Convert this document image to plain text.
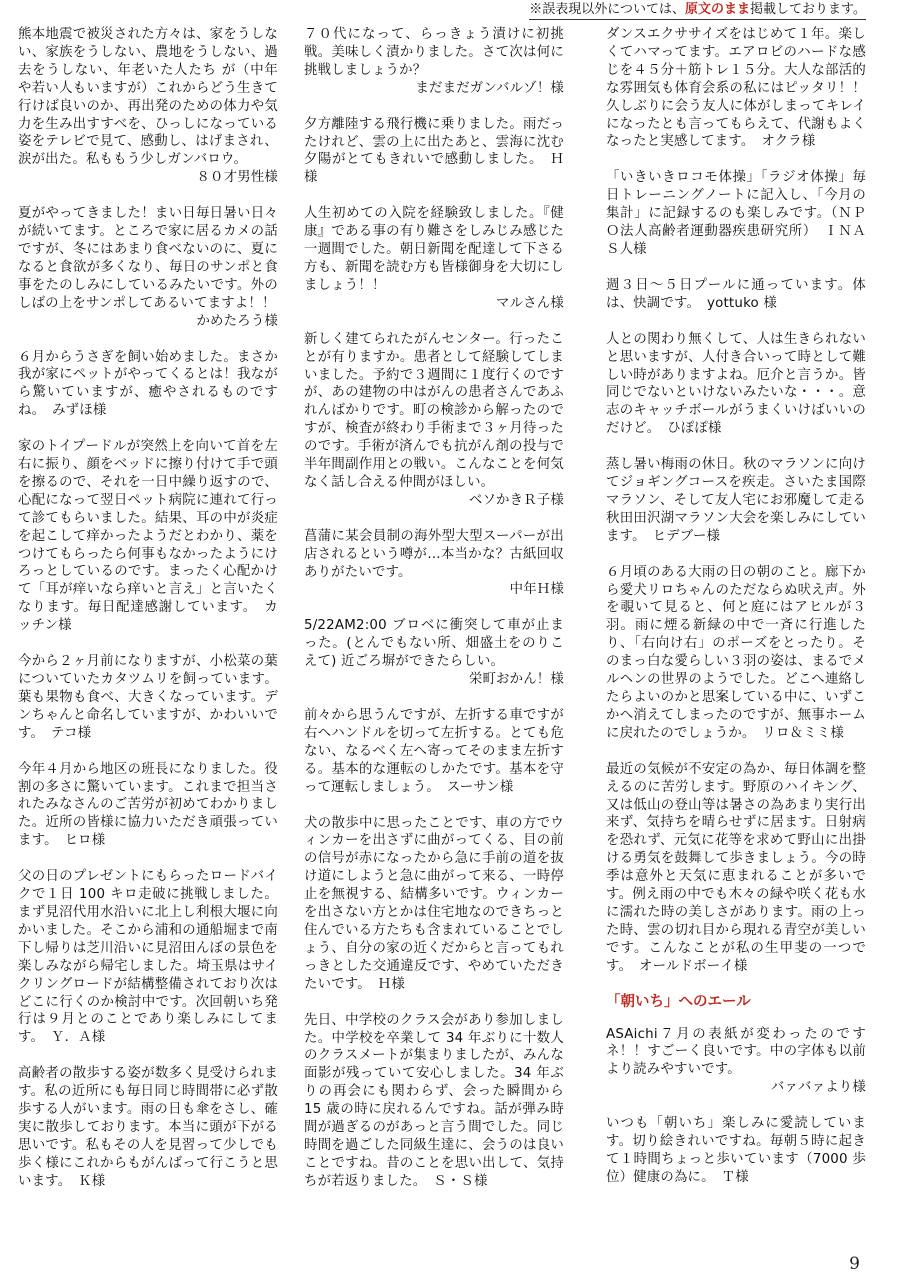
※誤表現以外については、原文のまま掲載しております。
熊本地震で被災された方々は、家をうしない、家族をうしない、農地をうしない、過去をうしない、年老いた人たち が（中年や若い人もいますが）これからどう生きて行けば良いのか、再出発のための体力や気力を生み出すすべを、ひっしになっている姿をテレビで見て、感動し、はげまされ、涙が出た。私ももう少しガンバロウ。
８０才男性様
夏がやってきました！まい日毎日暑い日々が続いてます。ところで家に居るカメの話ですが、冬にはあまり食べないのに、夏になると食欲が多くなり、毎日のサンポと食事をたのしみにしているみたいです。外のしばの上をサンポしてあるいてますよ！！
かめたろう様
６月からうさぎを飼い始めました。まさか我が家にペットがやってくるとは！我ながら驚いていますが、癒やされるものですね。　 みずほ様
家のトイプードルが突然上を向いて首を左右に振り、顔をベッドに擦り付けて手で頭を擦るので、それを一日中繰り返すので、心配になって翌日ペット病院に連れて行って診てもらいました。結果、耳の中が炎症を起こして痒かったようだとわかり、薬をつけてもらったら何事もなかったようにけろっとしているのです。まったく心配かけて「耳が痒いなら痒いと言え」と言いたくなります。毎日配達感謝しています。　 カッチン様
今から２ヶ月前になりますが、小松菜の葉についていたカタツムリを飼っています。葉も果物も食べ、大きくなっています。デンちゃんと命名していますが、かわいいです。　 テコ様
今年４月から地区の班長になりました。役割の多さに驚いています。これまで担当されたみなさんのご苦労が初めてわかりました。近所の皆様に協力いただき頑張っています。　 ヒロ様
父の日のプレゼントにもらったロードバイクで１日 100 キロ走破に挑戦しました。まず見沼代用水沿いに北上し利根大堰に向かいました。そこから浦和の通船堀まで南下し帰りは芝川沿いに見沼田んぼの景色を楽しみながら帰宅しました。埼玉県はサイクリングロードが結構整備されており次はどこに行くのか検討中です。次回朝いち発行は９月とのことであり楽しみにしてます。　 Ｙ．Ａ様
高齢者の散歩する姿が数多く見受けられます。私の近所にも毎日同じ時間帯に必ず散歩する人がいます。雨の日も傘をさし、確実に散歩しております。本当に頭が下がる思いです。私もその人を見習って少しでも歩く様にこれからもがんばって行こうと思います。　 Ｋ様
７０代になって、らっきょう漬けに初挑戦。美味しく漬かりました。さて次は何に挑戦しましょうか？
まだまだガンバルゾ！様
夕方離陸する飛行機に乗りました。雨だったけれど、雲の上に出たあと、雲海に沈む夕陽がとてもきれいで感動しました。　 Ｈ様
人生初めての入院を経験致しました。『健康』である事の有り難さをしみじみ感じた一週間でした。朝日新聞を配達して下さる方も、新聞を読む方も皆様御身を大切にしましょう！！
マルさん様
新しく建てられたがんセンター。行ったことが有りますか。患者として経験してしまいました。予約で３週間に１度行くのですが、あの建物の中はがんの患者さんであふれんばかりです。町の検診から解ったのですが、検査が終わり手術まで３ヶ月待ったのです。手術が済んでも抗がん剤の投与で半年間副作用との戦い。こんなことを何気なく話し合える仲間がほしい。
ベソかきＲ子様
菖蒲に某会員制の海外型大型スーパーが出店されるという噂が…本当かな？古紙回収ありがたいです。
中年Ｈ様
5/22AM2:00 ブロベに衝突して車が止まった。(とんでもない所、畑盛土をのりこえて) 近ごろ塀ができたらしい。
栄町おかん！様
前々から思うんですが、左折する車ですが右へハンドルを切って左折する。とても危ない、なるべく左へ寄ってそのまま左折する。基本的な運転のしかたです。基本を守って運転しましょう。　 スーサン様
犬の散歩中に思ったことです、車の方でウィンカーを出さずに曲がってくる、目の前の信号が赤になったから急に手前の道を抜け道にしようと急に曲がって来る、一時停止を無視する、結構多いです。ウィンカーを出さない方とかは住宅地なのできちっと住んでいる方たちも含まれていることでしょう、自分の家の近くだからと言ってもれっきとした交通違反です、やめていただきたいです。　 Ｈ様
先日、中学校のクラス会があり参加しました。中学校を卒業して 34 年ぶりに十数人のクラスメートが集まりましたが、みんな面影が残っていて安心しました。34 年ぶりの再会にも関わらず、会った瞬間から 15 歳の時に戻れるんですね。話が弾み時間が過ぎるのがあっと言う間でした。同じ時間を過ごした同級生達に、会うのは良いことですね。昔のことを思い出して、気持ちが若返りました。　 Ｓ・Ｓ様
ダンスエクササイズをはじめて１年。楽しくてハマってます。エアロビのハードな感じを４５分＋筋トレ１５分。大人な部活的な雰囲気も体育会系の私にはピッタリ！！久しぶりに会う友人に体がしまってキレイになったとも言ってもらえて、代謝もよくなったと実感してます。　 オクラ様
「いきいきロコモ体操」「ラジオ体操」毎日トレーニングノートに記入し、「今月の集計」に記録するのも楽しみです。（ＮＰＯ法人高齢者運動器疾患研究所）　 ＩＮＡＳ人様
週３日～５日プールに通っています。体は、快調です。　 yottuko 様
人との関わり無くして、人は生きられないと思いますが、人付き合いって時として難しい時がありますよね。厄介と言うか。皆同じでないといけないみたいな・・・。意志のキャッチボールがうまくいけばいいのだけど。　 ひぽぽ様
蒸し暑い梅雨の休日。秋のマラソンに向けてジョギングコースを疾走。さいたま国際マラソン、そして友人宅にお邪魔して走る秋田田沢湖マラソン大会を楽しみにしています。　 ヒデブー様
６月頃のある大雨の日の朝のこと。廊下から愛犬リロちゃんのただならぬ吠え声。外を覗いて見ると、何と庭にはアヒルが３羽。雨に煙る新緑の中で一斉に行進したり、「右向け右」のポーズをとったり。そのまっ白な愛らしい３羽の姿は、まるでメルヘンの世界のようでした。どこへ連絡したらよいのかと思案している中に、いずこかへ消えてしまったのですが、無事ホームに戻れたのでしょうか。　 リロ＆ミミ様
最近の気候が不安定の為か、毎日体調を整えるのに苦労します。野原のハイキング、又は低山の登山等は暑さの為あまり実行出来ず、気持ちを晴らせずに居ます。日射病を恐れず、元気に花等を求めて野山に出掛ける勇気を鼓舞して歩きましょう。今の時季は意外と天気に恵まれることが多いです。例え雨の中でも木々の緑や咲く花も水に濡れた時の美しさがあります。雨の上った時、雲の切れ目から現れる青空が美しいです。こんなことが私の生甲斐の一つです。　 オールドボーイ様
「朝いち」へのエール
ASAichi７月の表紙が変わったのですネ！！すごーく良いです。中の字体も以前より読みやすいです。
バァバァより様
いつも「朝いち」楽しみに愛読しています。切り絵きれいですね。毎朝５時に起きて１時間ちょっと歩いています（7000 歩位）健康の為に。　 Ｔ様
9
